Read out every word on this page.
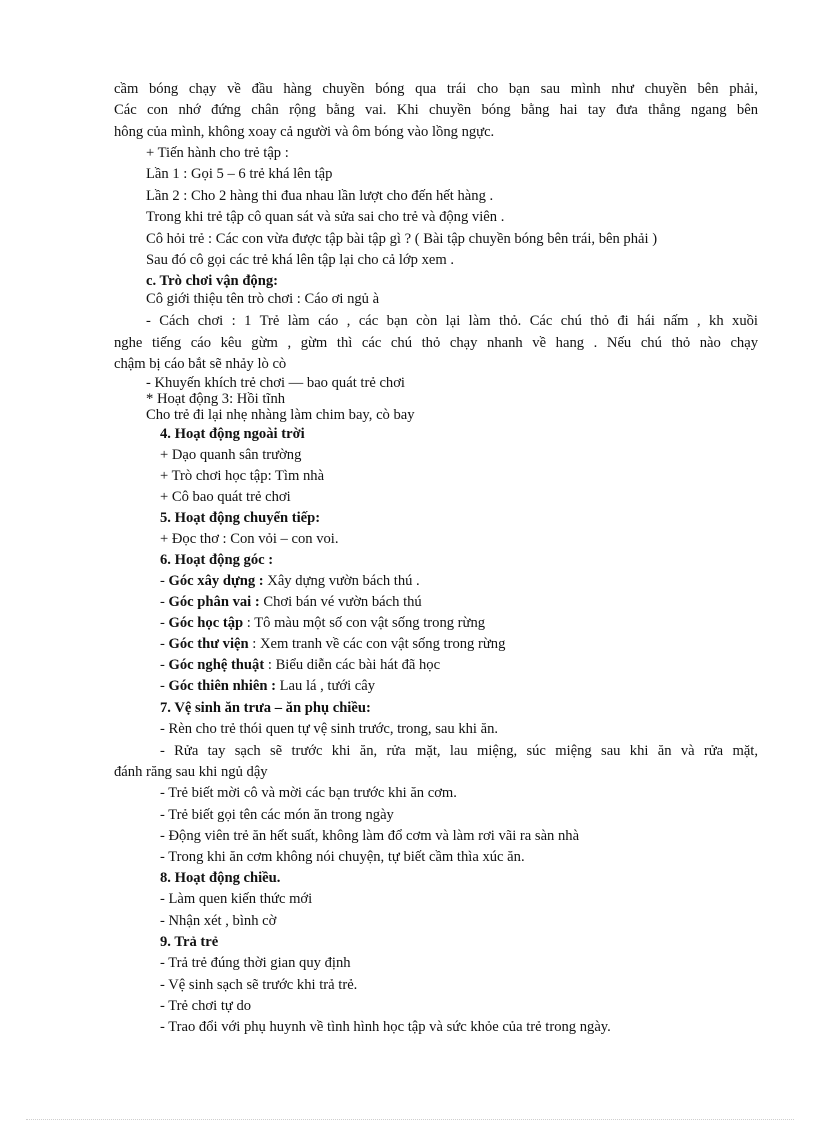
cầm bóng chạy về đầu hàng chuyền bóng qua trái cho bạn sau mình như chuyền bên phải,
Các con nhớ đứng chân rộng bằng vai. Khi chuyền bóng bằng hai tay đưa thẳng ngang bên
hông của mình, không xoay cả người và ôm bóng vào lồng ngực.
+ Tiến hành cho trẻ tập :
Lần 1 : Gọi 5 – 6 trẻ khá lên tập
Lần 2 : Cho 2 hàng thi đua nhau lần lượt cho đến hết hàng .
Trong khi trẻ tập cô quan sát và sửa sai cho trẻ và động viên .
Cô hỏi trẻ : Các con vừa được tập bài tập gì ? ( Bài tập chuyền bóng bên trái, bên phải )
Sau đó cô gọi các trẻ khá lên tập lại cho cả lớp xem .
c. Trò chơi vận động:
Cô giới thiệu tên trò chơi : Cáo ơi ngủ à
- Cách chơi : 1 Trẻ làm cáo , các bạn còn lại làm thỏ. Các chú thỏ đi hái nấm , kh xuồi
nghe tiếng cáo kêu gừm , gừm thì các chú thỏ chạy nhanh về hang . Nếu chú thỏ nào chạy
chậm bị cáo bắt sẽ nhảy lò cò
- Khuyến khích trẻ chơi — bao quát trẻ chơi
* Hoạt động 3: Hồi tĩnh
Cho trẻ đi lại nhẹ nhàng làm chim bay, cò bay
4. Hoạt động ngoài trời
+ Dạo quanh sân trường
+ Trò chơi học tập: Tìm nhà
+ Cô bao quát trẻ chơi
5. Hoạt động chuyển tiếp:
+ Đọc thơ : Con vỏi – con voi.
6. Hoạt động góc :
- Góc xây dựng : Xây dựng vườn bách thú .
- Góc phân vai : Chơi bán vé vườn bách thú
- Góc học tập : Tô màu một số con vật sống trong rừng
- Góc thư viện : Xem tranh về các con vật sống trong rừng
- Góc nghệ thuật : Biểu diễn các bài hát đã học
- Góc thiên nhiên : Lau lá , tưới cây
7. Vệ sinh ăn trưa – ăn phụ chiều:
- Rèn cho trẻ thói quen tự vệ sinh trước, trong, sau khi ăn.
- Rửa tay sạch sẽ trước khi ăn, rửa mặt, lau miệng, súc miệng sau khi ăn và rửa mặt,
đánh răng sau khi ngủ dậy
- Trẻ biết mời cô và mời các bạn trước khi ăn cơm.
- Trẻ biết gọi tên các món ăn trong ngày
- Động viên trẻ ăn hết suất, không làm đổ cơm và làm rơi vãi ra sàn nhà
- Trong khi ăn cơm không nói chuyện, tự biết cầm thìa xúc ăn.
8. Hoạt động chiều.
- Làm quen kiến thức mới
- Nhận xét , bình cờ
9. Trả trẻ
- Trả trẻ đúng thời gian quy định
- Vệ sinh sạch sẽ trước khi trả trẻ.
- Trẻ chơi tự do
- Trao đổi với phụ huynh về tình hình học tập và sức khỏe của trẻ trong ngày.
